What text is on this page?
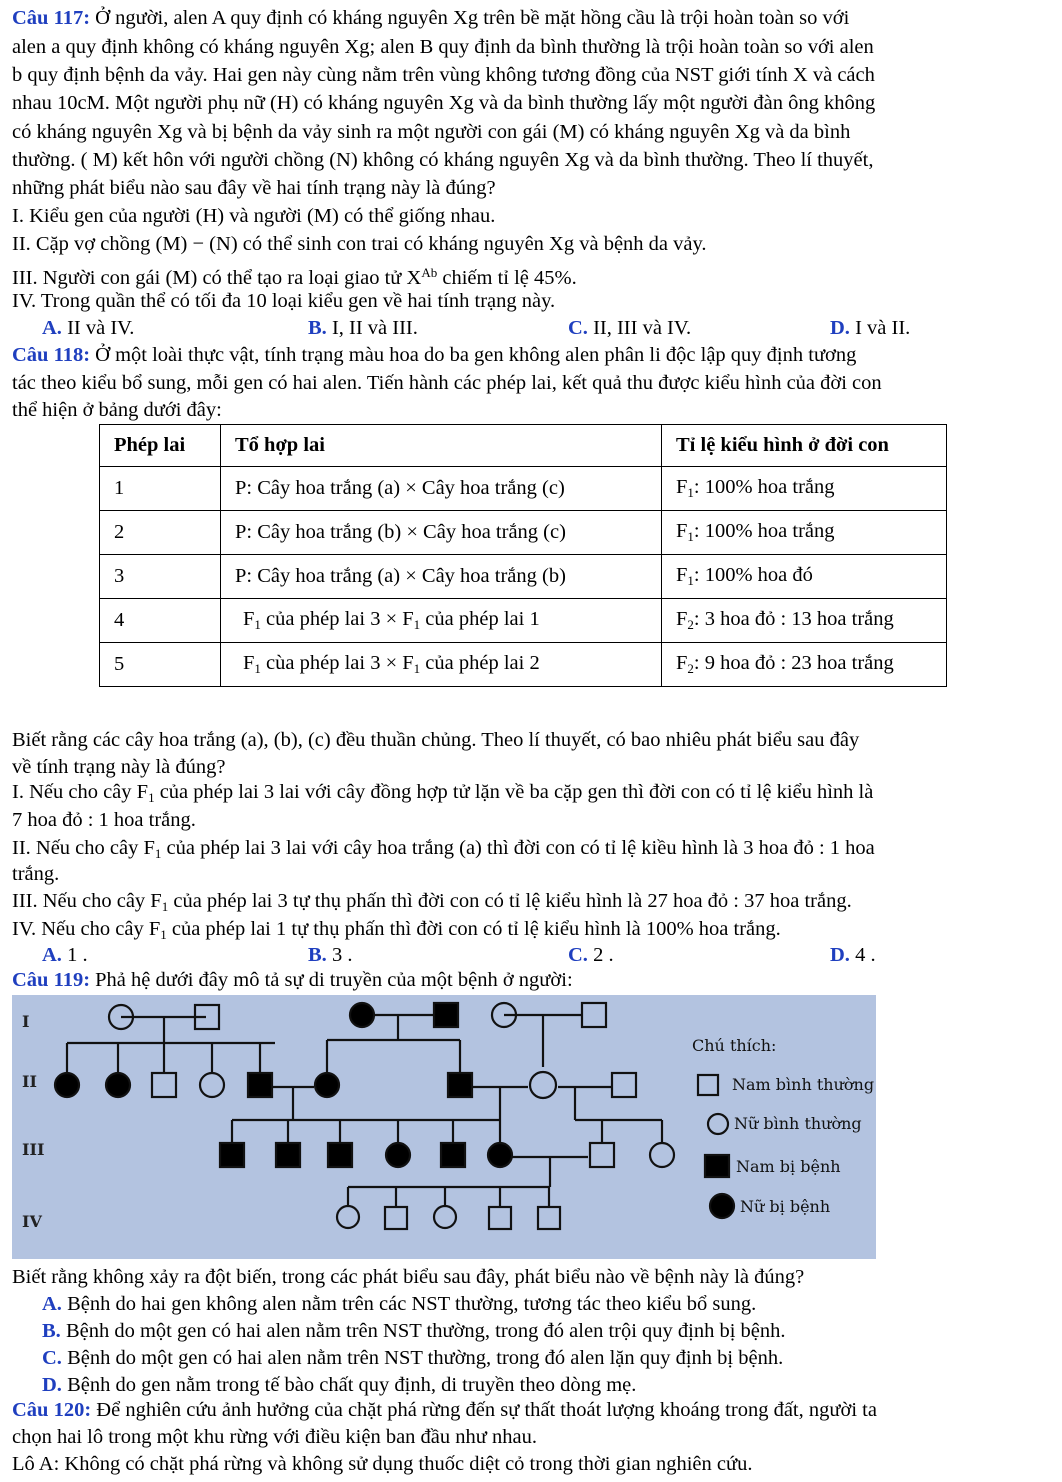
Câu 117: Ở người, alen A quy định có kháng nguyên Xg trên bề mặt hồng cầu là trội hoàn toàn so với
alen a quy định không có kháng nguyên Xg; alen B quy định da bình thường là trội hoàn toàn so với alen
b quy định bệnh da vảy. Hai gen này cùng nằm trên vùng không tương đồng của NST giới tính X và cách
nhau 10cM. Một người phụ nữ (H) có kháng nguyên Xg và da bình thường lấy một người đàn ông không
có kháng nguyên Xg và bị bệnh da vảy sinh ra một người con gái (M) có kháng nguyên Xg và da bình
thường. ( M) kết hôn với người chồng (N) không có kháng nguyên Xg và da bình thường. Theo lí thuyết,
những phát biểu nào sau đây về hai tính trạng này là đúng?
I. Kiểu gen của người (H) và người (M) có thể giống nhau.
II. Cặp vợ chồng (M) − (N) có thể sinh con trai có kháng nguyên Xg và bệnh da vảy.
III. Người con gái (M) có thể tạo ra loại giao tử $X^{Ab}$ chiếm tỉ lệ 45%.
IV. Trong quần thể có tối đa 10 loại kiểu gen về hai tính trạng này.
A. II và IV.	B. I, II và III.	C. II, III và IV.	D. I và II.
Câu 118: Ở một loài thực vật, tính trạng màu hoa do ba gen không alen phân li độc lập quy định tương
tác theo kiểu bổ sung, mỗi gen có hai alen. Tiến hành các phép lai, kết quả thu được kiểu hình của đời con
thể hiện ở bảng dưới đây:
Phép lai	Tổ hợp lai	Tỉ lệ kiểu hình ở đời con
1	P: Cây hoa trắng (a) × Cây hoa trắng (c)	$F_1$: 100% hoa trắng
2	P: Cây hoa trắng (b) × Cây hoa trắng (c)	$F_1$: 100% hoa trắng
3	P: Cây hoa trắng (a) × Cây hoa trắng (b)	$F_1$: 100% hoa đó
4	$F_1$ của phép lai $3 \times F_1$ của phép lai 1	$F_2$: 3 hoa đỏ : 13 hoa trắng
5	$F_1$ cùa phép lai $3 \times F_1$ của phép lai 2	$F_2$: 9 hoa đỏ : 23 hoa trắng
Biết rằng các cây hoa trắng (a), (b), (c) đều thuần chủng. Theo lí thuyết, có bao nhiêu phát biểu sau đây
về tính trạng này là đúng?
I. Nếu cho cây $F_1$ của phép lai 3 lai với cây đồng hợp tử lặn về ba cặp gen thì đời con có tỉ lệ kiểu hình là
7 hoa đỏ : 1 hoa trắng.
II. Nếu cho cây $F_1$ của phép lai 3 lai với cây hoa trắng (a) thì đời con có tỉ lệ kiều hình là 3 hoa đỏ : 1 hoa
trắng.
III. Nếu cho cây $F_1$ của phép lai 3 tự thụ phấn thì đời con có tỉ lệ kiểu hình là 27 hoa đỏ : 37 hoa trắng.
IV. Nếu cho cây $F_1$ của phép lai 1 tự thụ phấn thì đời con có tỉ lệ kiểu hình là 100% hoa trắng.
A. 1 .	B. 3 .	C. 2 .	D. 4 .
Câu 119: Phả hệ dưới đây mô tả sự di truyền của một bệnh ở người:
I
II
III
IV
Chú thích:
Nam bình thường
Nữ bình thường
Nam bị bệnh
Nữ bị bệnh
Biết rằng không xảy ra đột biến, trong các phát biểu sau đây, phát biểu nào về bệnh này là đúng?
A. Bệnh do hai gen không alen nằm trên các NST thường, tương tác theo kiểu bổ sung.
B. Bệnh do một gen có hai alen nằm trên NST thường, trong đó alen trội quy định bị bệnh.
C. Bệnh do một gen có hai alen nằm trên NST thường, trong đó alen lặn quy định bị bệnh.
D. Bệnh do gen nằm trong tế bào chất quy định, di truyền theo dòng mẹ.
Câu 120: Để nghiên cứu ảnh hưởng của chặt phá rừng đến sự thất thoát lượng khoáng trong đất, người ta
chọn hai lô trong một khu rừng với điều kiện ban đầu như nhau.
Lô A: Không có chặt phá rừng và không sử dụng thuốc diệt cỏ trong thời gian nghiên cứu.
